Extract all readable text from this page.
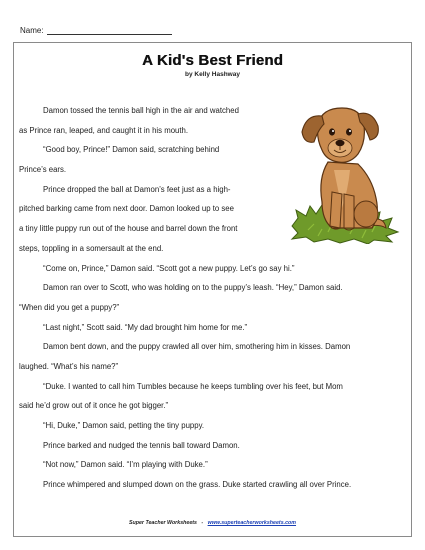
Name:
A Kid's Best Friend
by Kelly Hashway
Damon tossed the tennis ball high in the air and watched
as Prince ran, leaped, and caught it in his mouth.
“Good boy, Prince!” Damon said, scratching behind
Prince’s ears.
Prince dropped the ball at Damon’s feet just as a high-
pitched barking came from next door. Damon looked up to see
a tiny little puppy run out of the house and barrel down the front
steps, toppling in a somersault at the end.
“Come on, Prince,” Damon said. “Scott got a new puppy. Let’s go say hi.”
Damon ran over to Scott, who was holding on to the puppy’s leash. “Hey,” Damon said.
“When did you get a puppy?”
“Last night,” Scott said. “My dad brought him home for me.”
Damon bent down, and the puppy crawled all over him, smothering him in kisses. Damon
laughed. “What’s his name?”
“Duke. I wanted to call him Tumbles because he keeps tumbling over his feet, but Mom
said he’d grow out of it once he got bigger.”
“Hi, Duke,” Damon said, petting the tiny puppy.
Prince barked and nudged the tennis ball toward Damon.
“Not now,” Damon said. “I’m playing with Duke.”
Prince whimpered and slumped down on the grass. Duke started crawling all over Prince.
Super Teacher Worksheets - www.superteacherworksheets.com
